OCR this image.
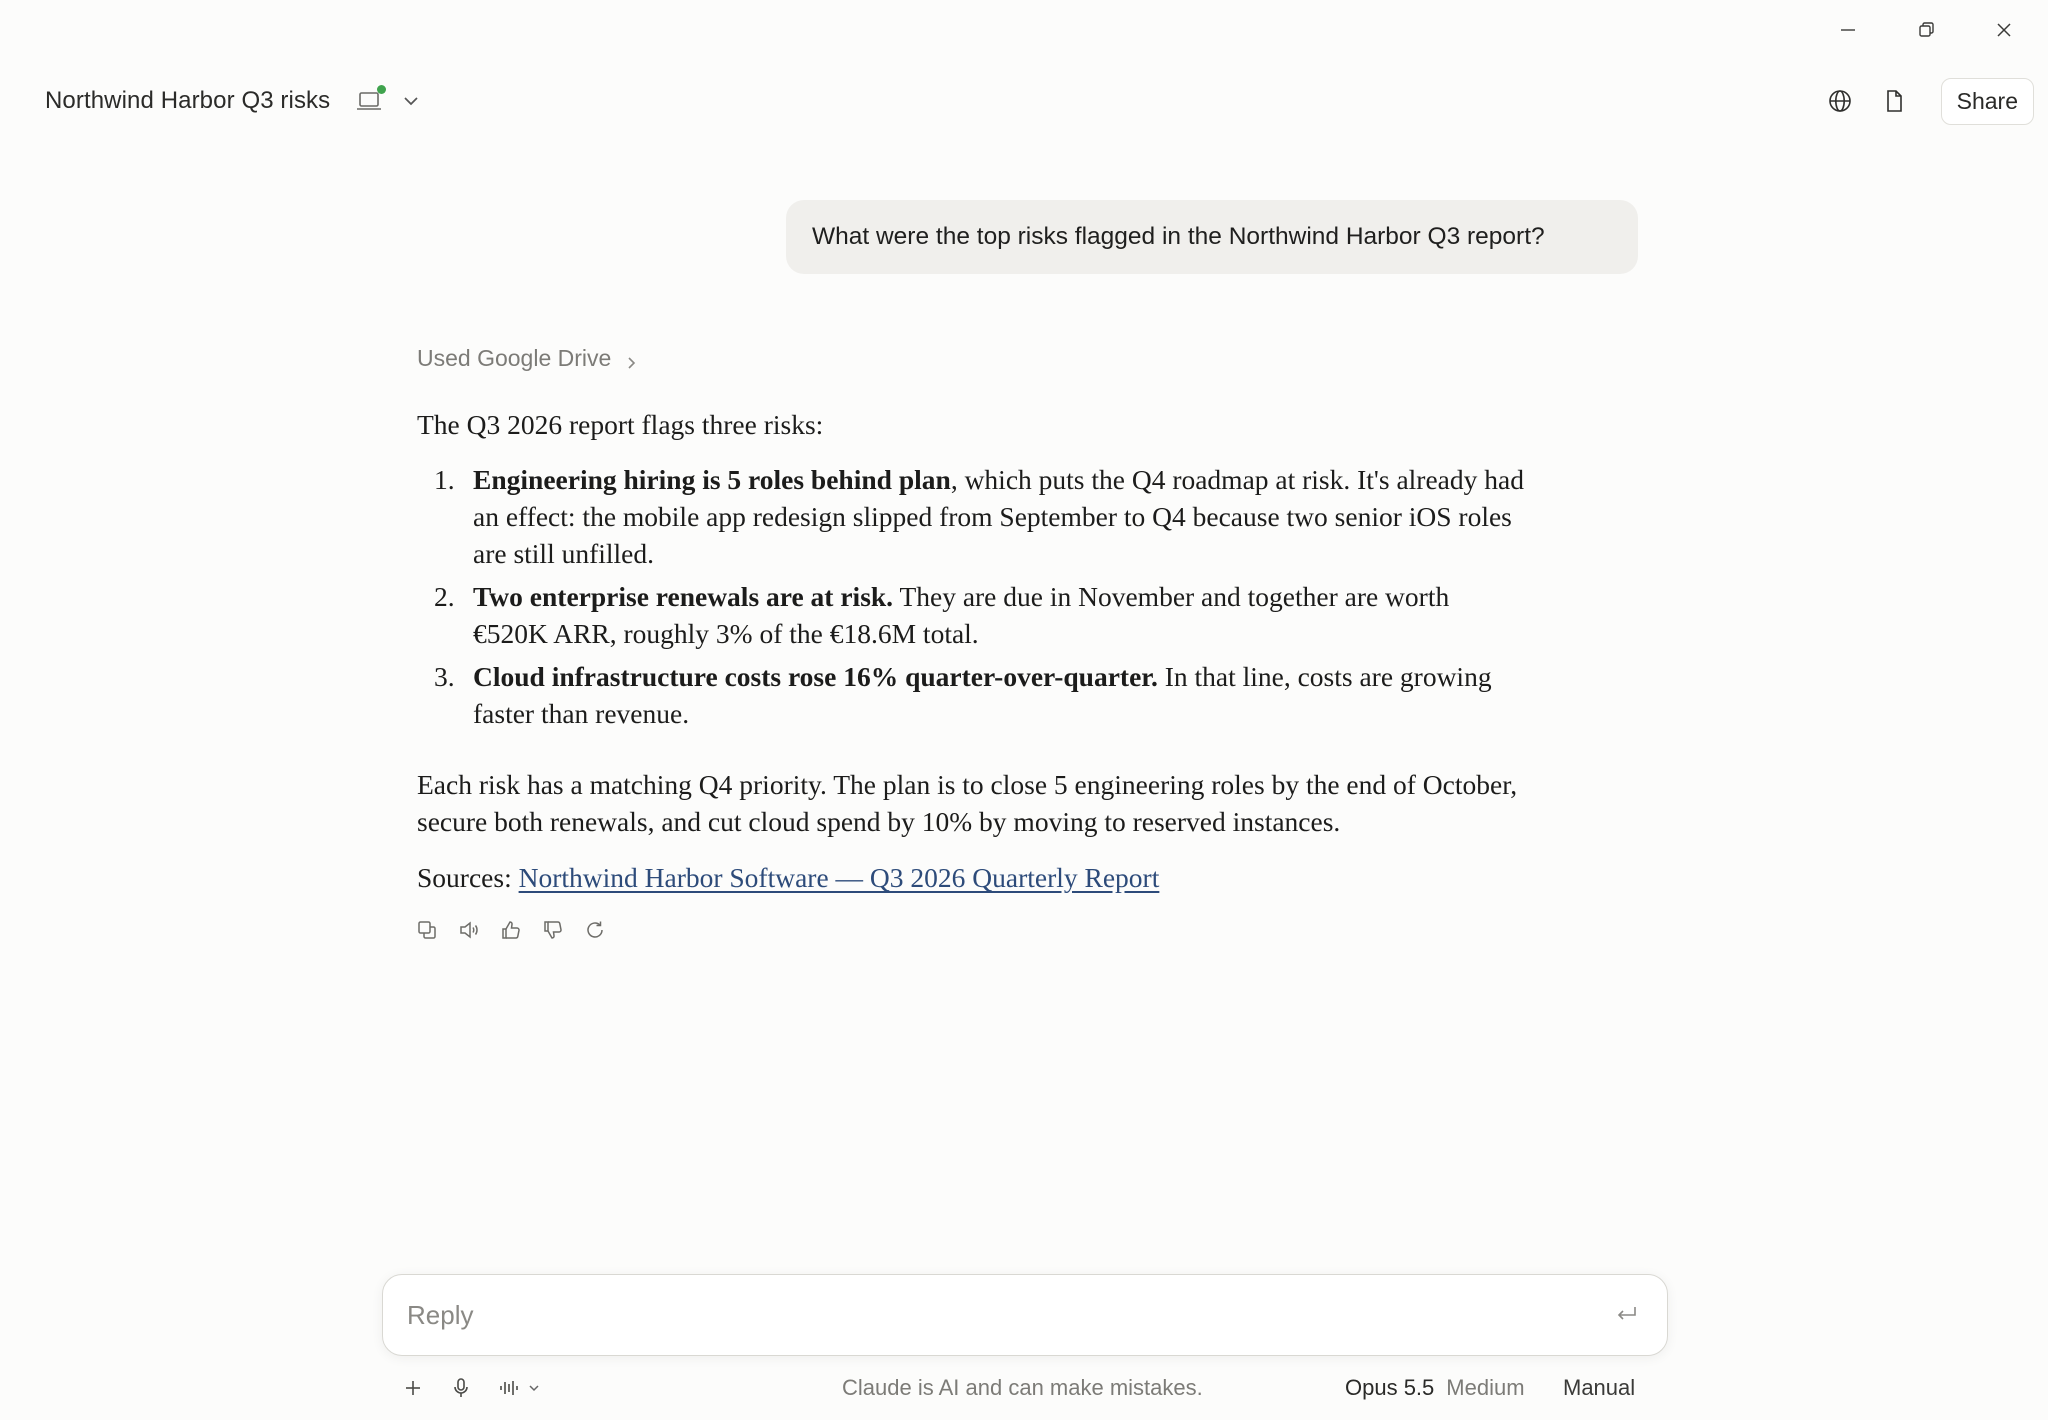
Northwind Harbor Q3 risks	Share
What were the top risks flagged in the Northwind Harbor Q3 report?
Used Google Drive

The Q3 2026 report flags three risks:

1. Engineering hiring is 5 roles behind plan, which puts the Q4 roadmap at risk. It's already had an effect: the mobile app redesign slipped from September to Q4 because two senior iOS roles are still unfilled.
2. Two enterprise renewals are at risk. They are due in November and together are worth €520K ARR, roughly 3% of the €18.6M total.
3. Cloud infrastructure costs rose 16% quarter-over-quarter. In that line, costs are growing faster than revenue.

Each risk has a matching Q4 priority. The plan is to close 5 engineering roles by the end of October, secure both renewals, and cut cloud spend by 10% by moving to reserved instances.

Sources: Northwind Harbor Software — Q3 2026 Quarterly Report

Reply
Claude is AI and can make mistakes.	Opus 5.5 Medium Manual
